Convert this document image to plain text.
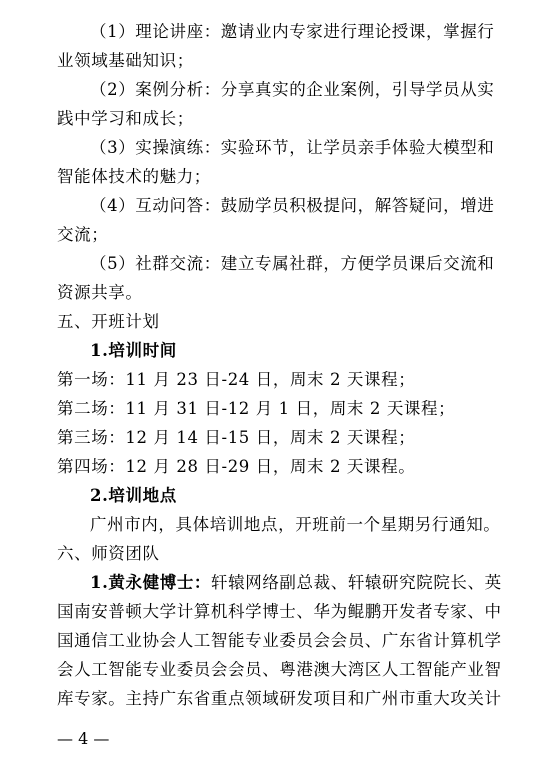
（1）理论讲座：邀请业内专家进行理论授课，掌握行
业领域基础知识；
（2）案例分析：分享真实的企业案例，引导学员从实
践中学习和成长；
（3）实操演练：实验环节，让学员亲手体验大模型和
智能体技术的魅力；
（4）互动问答：鼓励学员积极提问，解答疑问，增进
交流；
（5）社群交流：建立专属社群，方便学员课后交流和
资源共享。
五、开班计划
1.培训时间
第一场：11 月 23 日-24 日，周末 2 天课程；
第二场：11 月 31 日-12 月 1 日，周末 2 天课程；
第三场：12 月 14 日-15 日，周末 2 天课程；
第四场：12 月 28 日-29 日，周末 2 天课程。
2.培训地点
广州市内，具体培训地点，开班前一个星期另行通知。
六、师资团队
1.黄永健博士：轩辕网络副总裁、轩辕研究院院长、英
国南安普顿大学计算机科学博士、华为鲲鹏开发者专家、中
国通信工业协会人工智能专业委员会会员、广东省计算机学
会人工智能专业委员会会员、粤港澳大湾区人工智能产业智
库专家。主持广东省重点领域研发项目和广州市重大攻关计
— 4 —
